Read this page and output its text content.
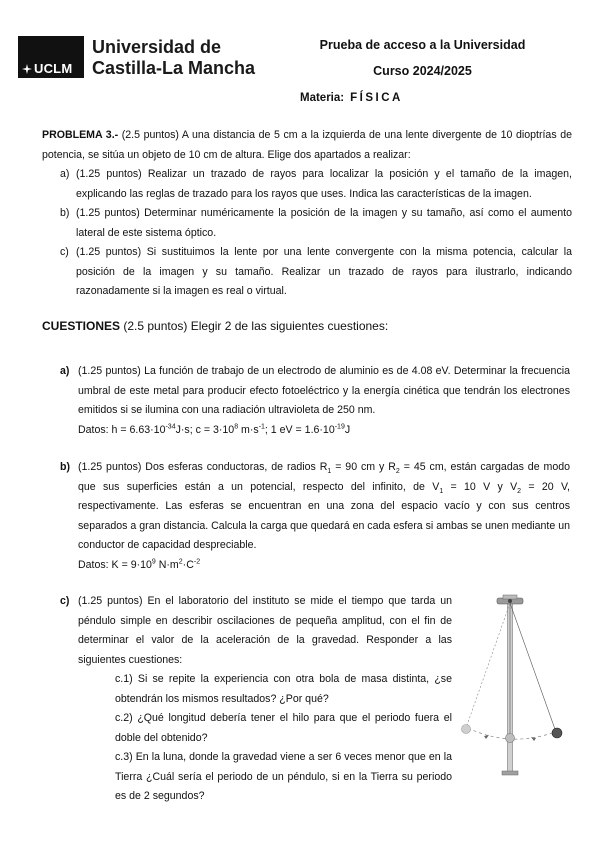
UCLM
Universidad de
Castilla-La Mancha
Prueba de acceso a la Universidad
Curso 2024/2025
Materia: FÍSICA
PROBLEMA 3.- (2.5 puntos) A una distancia de 5 cm a la izquierda de una lente divergente de 10 dioptrías de potencia, se sitúa un objeto de 10 cm de altura. Elige dos apartados a realizar:
a) (1.25 puntos) Realizar un trazado de rayos para localizar la posición y el tamaño de la imagen, explicando las reglas de trazado para los rayos que uses. Indica las características de la imagen.
b) (1.25 puntos) Determinar numéricamente la posición de la imagen y su tamaño, así como el aumento lateral de este sistema óptico.
c) (1.25 puntos) Si sustituimos la lente por una lente convergente con la misma potencia, calcular la posición de la imagen y su tamaño. Realizar un trazado de rayos para ilustrarlo, indicando razonadamente si la imagen es real o virtual.
CUESTIONES (2.5 puntos) Elegir 2 de las siguientes cuestiones:
a) (1.25 puntos) La función de trabajo de un electrodo de aluminio es de 4.08 eV. Determinar la frecuencia umbral de este metal para producir efecto fotoeléctrico y la energía cinética que tendrán los electrones emitidos si se ilumina con una radiación ultravioleta de 250 nm.
Datos: $h = 6.63\cdot 10^{-34}J\cdot s$; $c = 3\cdot 10^8$ $m\cdot s^{-1}$; 1 eV = $1.6\cdot 10^{-19}J$
b) (1.25 puntos) Dos esferas conductoras, de radios $R_1 = 90$ cm y $R_2 = 45$ cm, están cargadas de modo que sus superficies están a un potencial, respecto del infinito, de $V_1 = 10$ V y $V_2 = 20$ V, respectivamente. Las esferas se encuentran en una zona del espacio vacío y con sus centros separados a gran distancia. Calcula la carga que quedará en cada esfera si ambas se unen mediante un conductor de capacidad despreciable.
Datos: $K = 9\cdot 10^9$ $N\cdot m^2\cdot C^{-2}$
c) (1.25 puntos) En el laboratorio del instituto se mide el tiempo que tarda un péndulo simple en describir oscilaciones de pequeña amplitud, con el fin de determinar el valor de la aceleración de la gravedad. Responder a las siguientes cuestiones:
c.1) Si se repite la experiencia con otra bola de masa distinta, ¿se obtendrán los mismos resultados? ¿Por qué?
c.2) ¿Qué longitud debería tener el hilo para que el periodo fuera el doble del obtenido?
c.3) En la luna, donde la gravedad viene a ser 6 veces menor que en la Tierra ¿Cuál sería el periodo de un péndulo, si en la Tierra su periodo es de 2 segundos?
